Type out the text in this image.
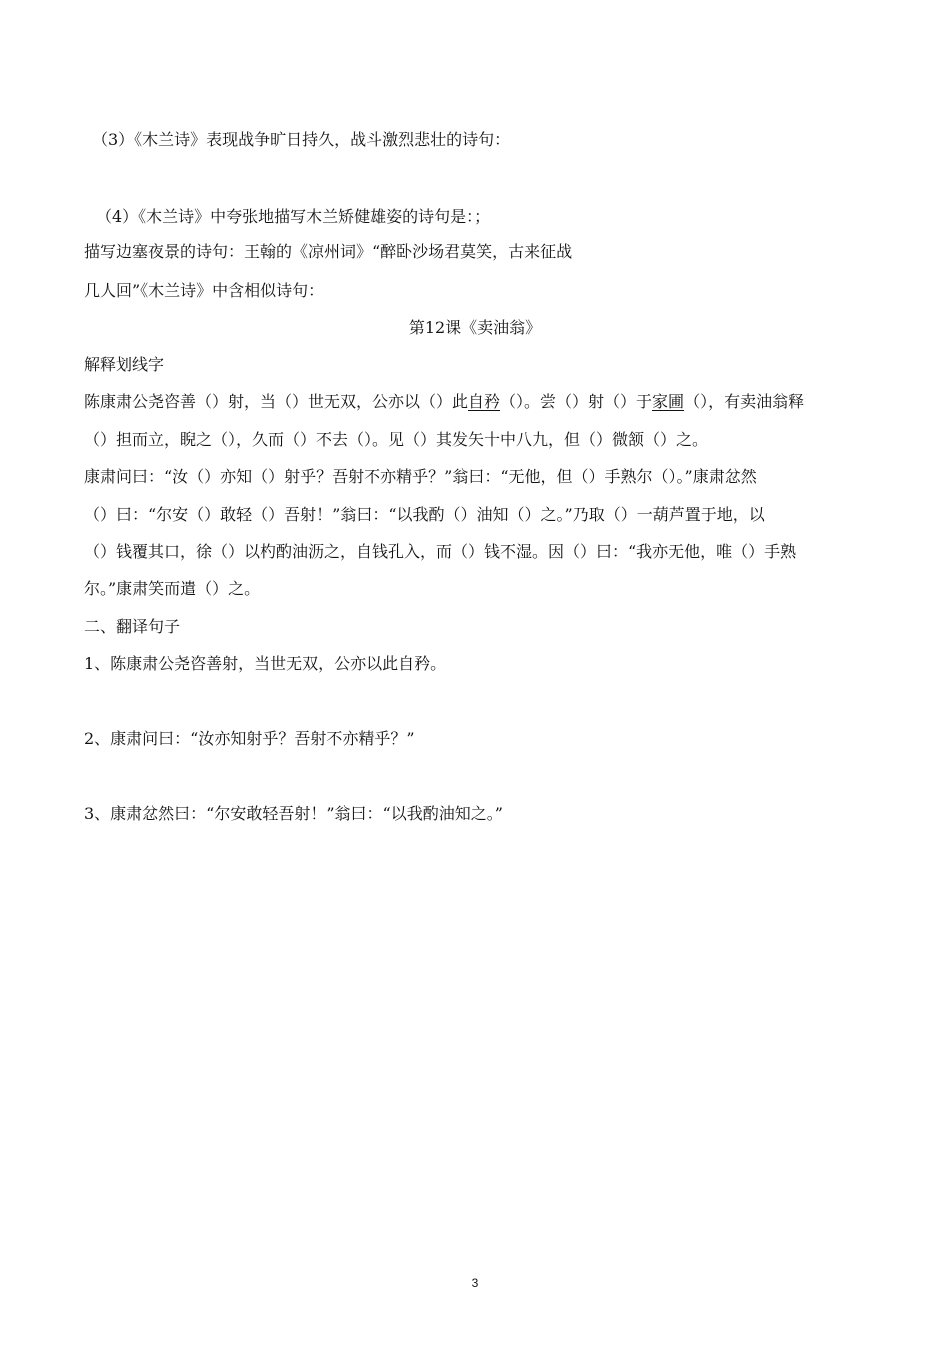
（3）《木兰诗》表现战争旷日持久，战斗激烈悲壮的诗句：
（4）《木兰诗》中夸张地描写木兰矫健雄姿的诗句是：；
描写边塞夜景的诗句：王翰的《凉州词》“醉卧沙场君莫笑，古来征战
几人回”《木兰诗》中含相似诗句：
第12课《卖油翁》
解释划线字
陈康肃公尧咨善（）射，当（）世无双，公亦以（）此自矜（）。尝（）射（）于家圃（），有卖油翁释
（）担而立，睨之（），久而（）不去（）。见（）其发矢十中八九，但（）微颔（）之。
康肃问曰：“汝（）亦知（）射乎？吾射不亦精乎？”翁曰：“无他，但（）手熟尔（）。”康肃忿然
（）曰：“尔安（）敢轻（）吾射！”翁曰：“以我酌（）油知（）之。”乃取（）一葫芦置于地，以
（）钱覆其口，徐（）以杓酌油沥之，自钱孔入，而（）钱不湿。因（）曰：“我亦无他，唯（）手熟
尔。”康肃笑而遣（）之。
二、翻译句子
1、陈康肃公尧咨善射，当世无双，公亦以此自矜。
2、康肃问曰：“汝亦知射乎？吾射不亦精乎？”
3、康肃忿然曰：“尔安敢轻吾射！”翁曰：“以我酌油知之。”
3
